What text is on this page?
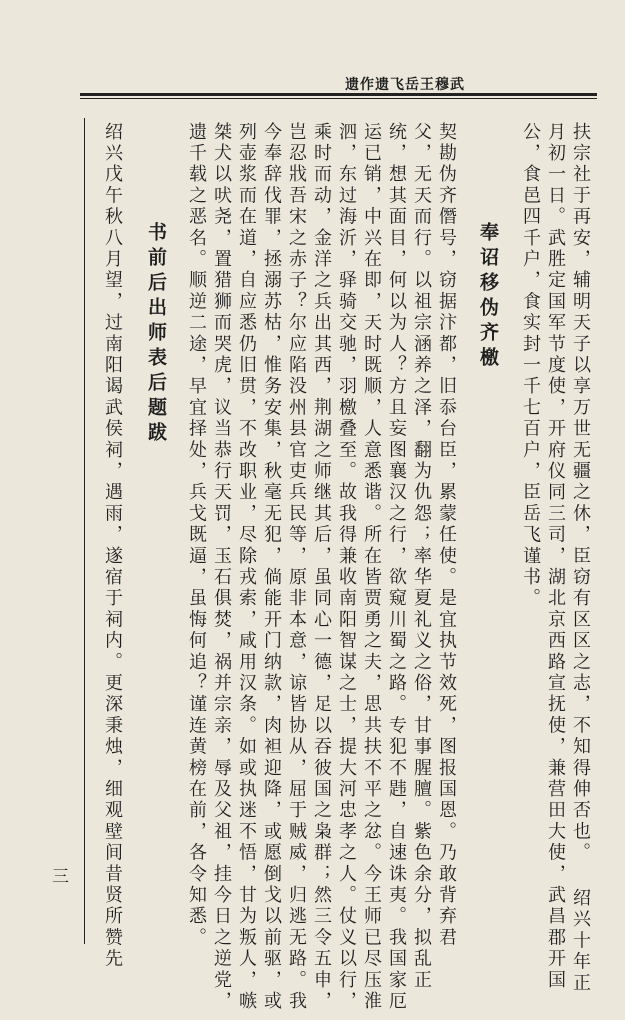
遗作遗飞岳王穆武
扶宗社于再安，辅明天子以享万世无疆之休，臣窃有区区之志，不知得伸否也。 绍兴十年正
月初一日。武胜定国军节度使，开府仪同三司，湖北京西路宣抚使，兼营田大使，武昌郡开国
公，食邑四千户，食实封一千七百户，臣岳飞谨书。
奉诏移伪齐檄
契勘伪齐僭号，窃据汴都，旧忝台臣，累蒙任使。是宜执节效死，图报国恩。乃敢背弃君
父，无天而行。以祖宗涵养之泽，翻为仇怨；率华夏礼义之俗，甘事腥膻。紫色余分，拟乱正
统，想其面目，何以为人？方且妄图襄汉之行，欲窥川蜀之路。专犯不韪，自速诛夷。我国家厄
运已销，中兴在即，天时既顺，人意悉谐。所在皆贾勇之夫，思共扶不平之忿。今王师已尽压淮
泗，东过海沂，驿骑交驰，羽檄叠至。故我得兼收南阳智谋之士，提大河忠孝之人。仗义以行，
乘时而动，金洋之兵出其西，荆湖之师继其后，虽同心一德，足以吞彼国之枭群；然三令五申，
岂忍戕吾宋之赤子？尔应陷没州县官吏兵民等，原非本意，谅皆协从，屈于贼威，归逃无路。我
今奉辞伐罪，拯溺苏枯，惟务安集，秋毫无犯，倘能开门纳款，肉袒迎降，或愿倒戈以前驱，或
列壶浆而在道，自应悉仍旧贯，不改职业，尽除戎索，咸用汉条。如或执迷不悟，甘为叛人，嗾
桀犬以吠尧，置猎狮而哭虎，议当恭行天罚，玉石俱焚，祸并宗亲，辱及父祖，挂今日之逆党，
遗千载之恶名。顺逆二途，早宜择处，兵戈既逼，虽悔何追？谨连黄榜在前，各令知悉。
书前后出师表后题跋
绍兴戊午秋八月望，过南阳谒武侯祠，遇雨，遂宿于祠内。更深秉烛，细观壁间昔贤所赞先
三
